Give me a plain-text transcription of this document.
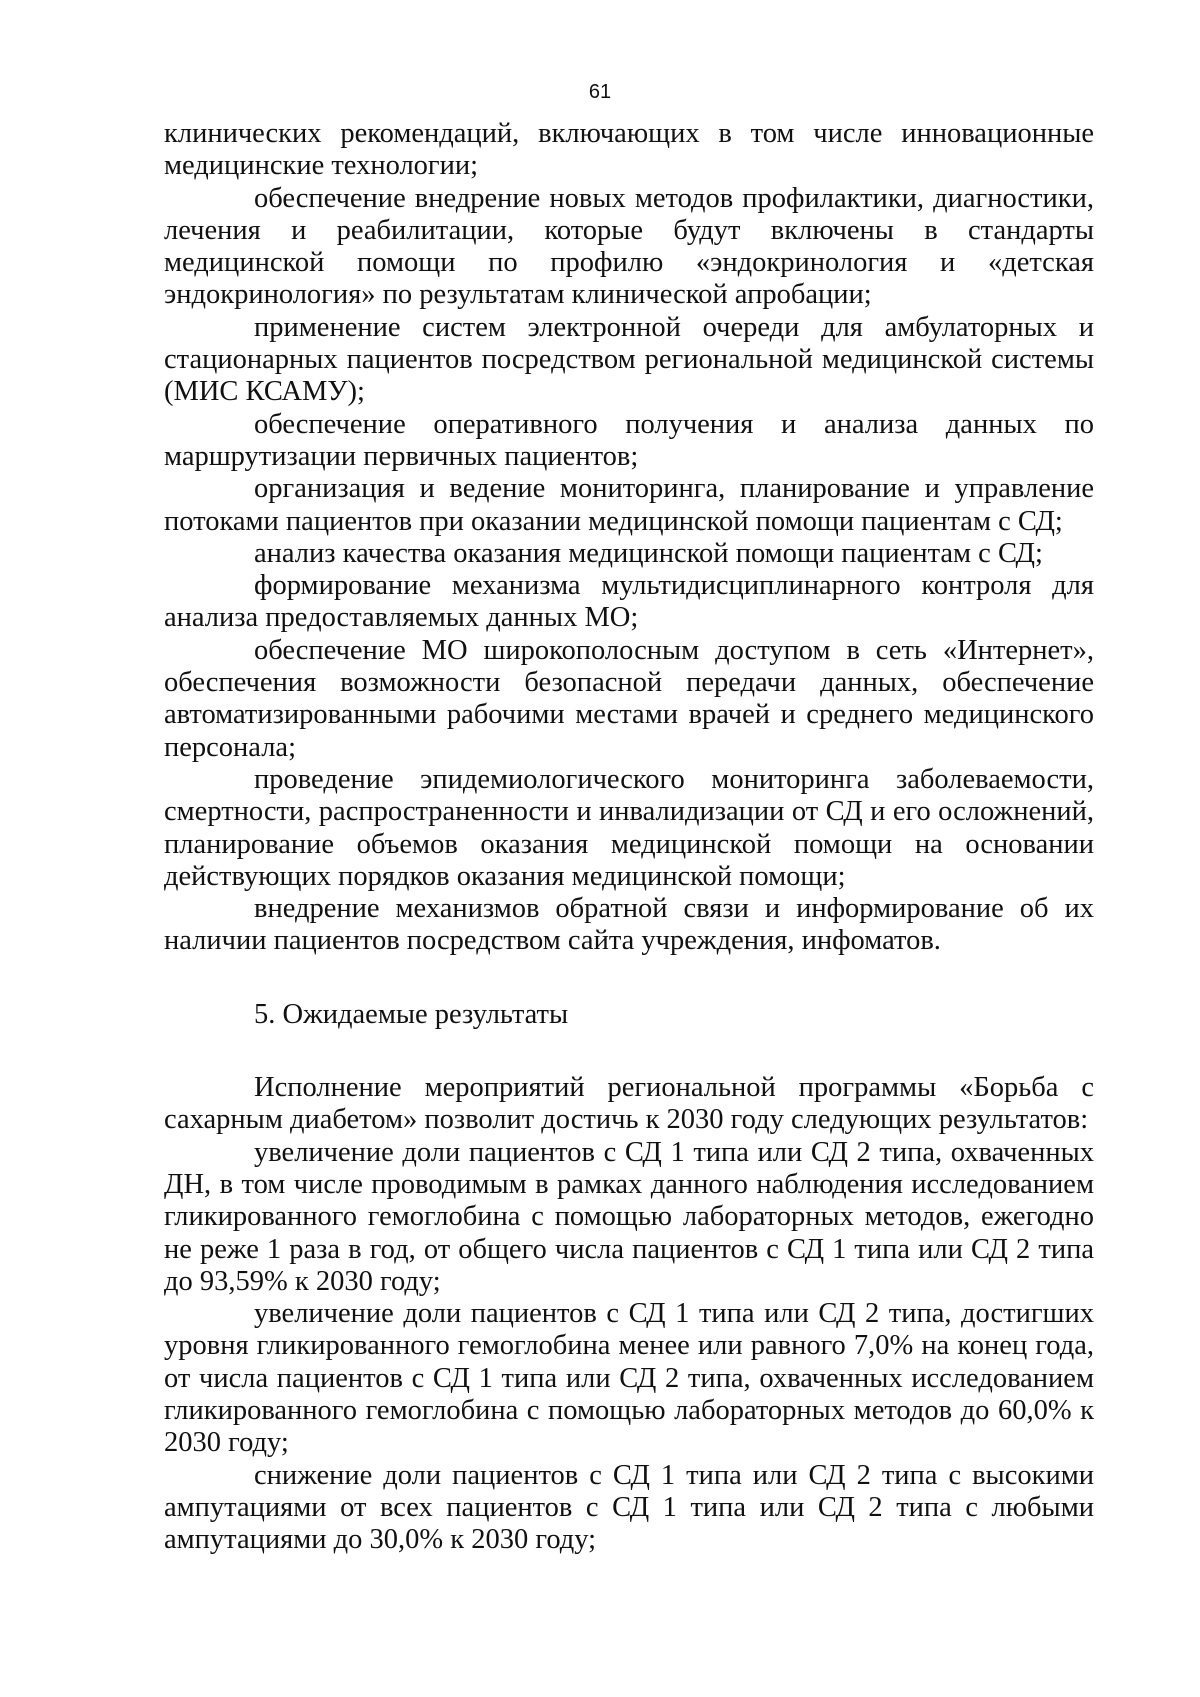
61

клинических рекомендаций, включающих в том числе инновационные медицинские технологии;

обеспечение внедрение новых методов профилактики, диагностики, лечения и реабилитации, которые будут включены в стандарты медицинской помощи по профилю «эндокринология и «детская эндокринология» по результатам клинической апробации;

применение систем электронной очереди для амбулаторных и стационарных пациентов посредством региональной медицинской системы (МИС КСАМУ);

обеспечение оперативного получения и анализа данных по маршрутизации первичных пациентов;

организация и ведение мониторинга, планирование и управление потоками пациентов при оказании медицинской помощи пациентам с СД;

анализ качества оказания медицинской помощи пациентам с СД;

формирование механизма мультидисциплинарного контроля для анализа предоставляемых данных МО;

обеспечение МО широкополосным доступом в сеть «Интернет», обеспечения возможности безопасной передачи данных, обеспечение автоматизированными рабочими местами врачей и среднего медицинского персонала;

проведение эпидемиологического мониторинга заболеваемости, смертности, распространенности и инвалидизации от СД и его осложнений, планирование объемов оказания медицинской помощи на основании действующих порядков оказания медицинской помощи;

внедрение механизмов обратной связи и информирование об их наличии пациентов посредством сайта учреждения, инфоматов.

5. Ожидаемые результаты

Исполнение мероприятий региональной программы «Борьба с сахарным диабетом» позволит достичь к 2030 году следующих результатов:

увеличение доли пациентов с СД 1 типа или СД 2 типа, охваченных ДН, в том числе проводимым в рамках данного наблюдения исследованием гликированного гемоглобина с помощью лабораторных методов, ежегодно не реже 1 раза в год, от общего числа пациентов с СД 1 типа или СД 2 типа до 93,59% к 2030 году;

увеличение доли пациентов с СД 1 типа или СД 2 типа, достигших уровня гликированного гемоглобина менее или равного 7,0% на конец года, от числа пациентов с СД 1 типа или СД 2 типа, охваченных исследованием гликированного гемоглобина с помощью лабораторных методов до 60,0% к 2030 году;

снижение доли пациентов с СД 1 типа или СД 2 типа с высокими ампутациями от всех пациентов с СД 1 типа или СД 2 типа с любыми ампутациями до 30,0% к 2030 году;
